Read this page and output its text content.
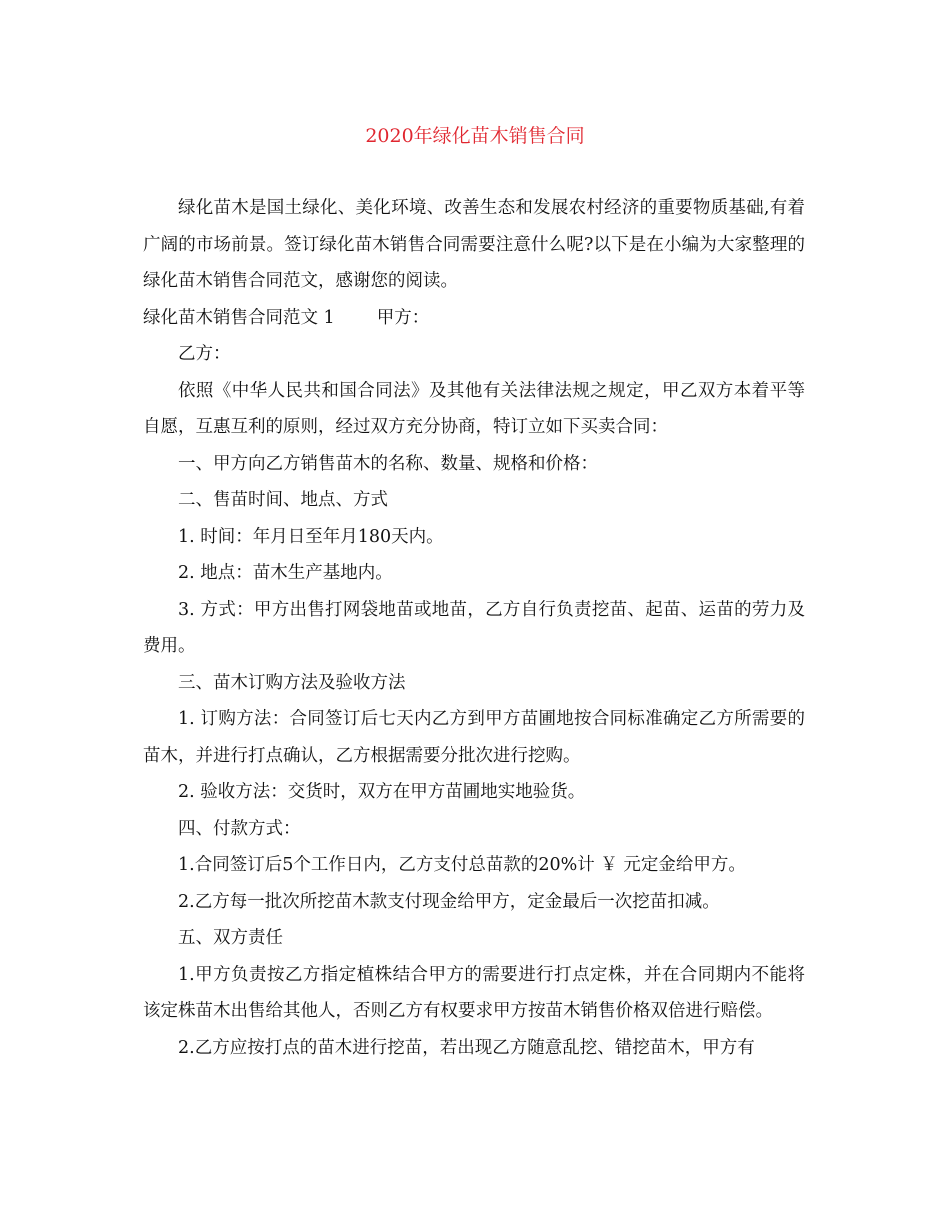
2020年绿化苗木销售合同

绿化苗木是国土绿化、美化环境、改善生态和发展农村经济的重要物质基础,有着广阔的市场前景。签订绿化苗木销售合同需要注意什么呢?以下是在小编为大家整理的绿化苗木销售合同范文，感谢您的阅读。

绿化苗木销售合同范文 1 甲方：

乙方：

依照《中华人民共和国合同法》及其他有关法律法规之规定，甲乙双方本着平等自愿，互惠互利的原则，经过双方充分协商，特订立如下买卖合同：

一、甲方向乙方销售苗木的名称、数量、规格和价格：

二、售苗时间、地点、方式

1. 时间：年月日至年月180天内。

2. 地点：苗木生产基地内。

3. 方式：甲方出售打网袋地苗或地苗，乙方自行负责挖苗、起苗、运苗的劳力及费用。

三、苗木订购方法及验收方法

1. 订购方法：合同签订后七天内乙方到甲方苗圃地按合同标准确定乙方所需要的苗木，并进行打点确认，乙方根据需要分批次进行挖购。

2. 验收方法：交货时，双方在甲方苗圃地实地验货。

四、付款方式：

1.合同签订后5个工作日内，乙方支付总苗款的20%计 ￥ 元定金给甲方。

2.乙方每一批次所挖苗木款支付现金给甲方，定金最后一次挖苗扣减。

五、双方责任

1.甲方负责按乙方指定植株结合甲方的需要进行打点定株，并在合同期内不能将该定株苗木出售给其他人，否则乙方有权要求甲方按苗木销售价格双倍进行赔偿。

2.乙方应按打点的苗木进行挖苗，若出现乙方随意乱挖、错挖苗木，甲方有
